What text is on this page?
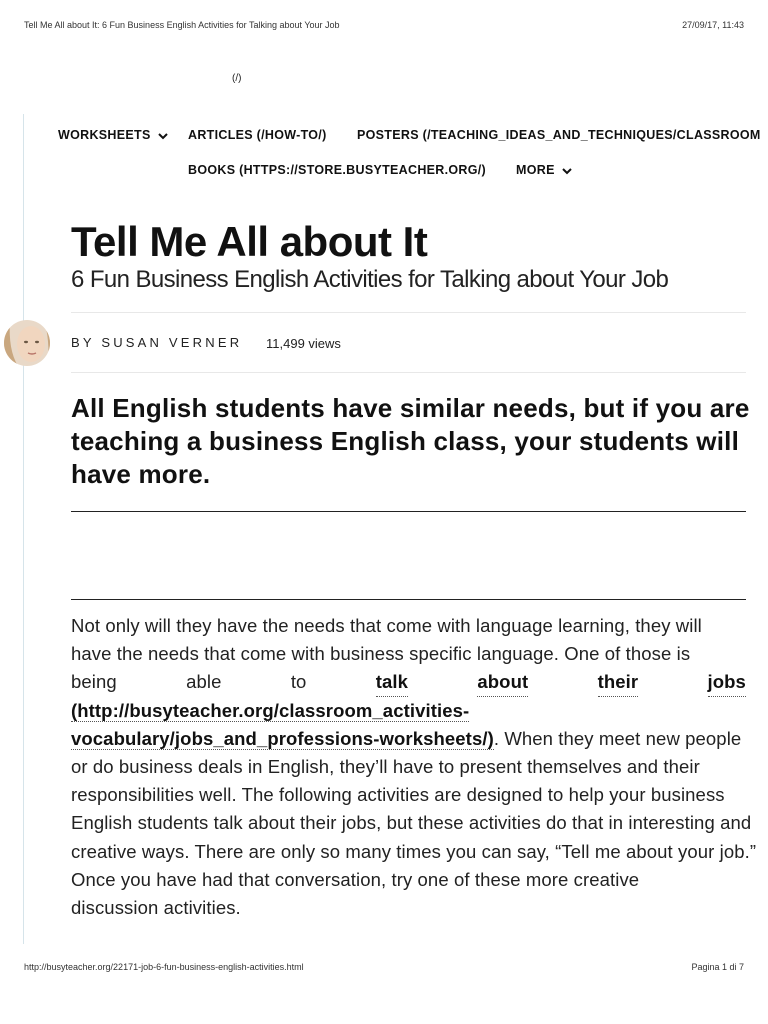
Tell Me All about It: 6 Fun Business English Activities for Talking about Your Job	27/09/17, 11:43
(/)
WORKSHEETS	ARTICLES (/HOW-TO/) POSTERS (/TEACHING_IDEAS_AND_TECHNIQUES/CLASSROOM
BOOKS (HTTPS://STORE.BUSYTEACHER.ORG/) MORE
Tell Me All about It
6 Fun Business English Activities for Talking about Your Job
BY SUSAN VERNER 11,499 views

All English students have similar needs, but if you are teaching a business English class, your students will have more.

Not only will they have the needs that come with language learning, they will
have the needs that come with business specific language. One of those is
being	able	to	talk	about	their	jobs
(http://busyteacher.org/classroom_activities-
vocabulary/jobs_and_professions-worksheets/). When they meet new people
or do business deals in English, they’ll have to present themselves and their
responsibilities well. The following activities are designed to help your business
English students talk about their jobs, but these activities do that in interesting and
creative ways. There are only so many times you can say, “Tell me about your job.”
Once you have had that conversation, try one of these more creative
discussion activities.
http://busyteacher.org/22171-job-6-fun-business-english-activities.html	Pagina 1 di 7
